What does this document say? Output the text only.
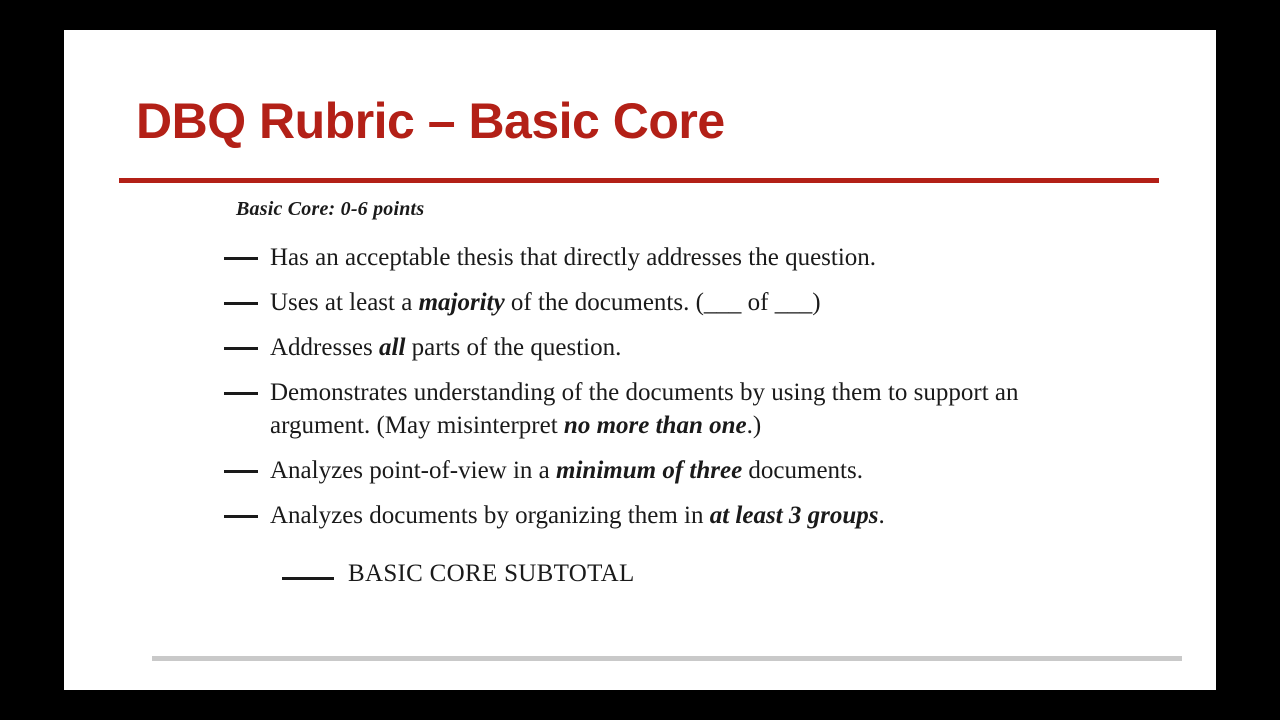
DBQ Rubric – Basic Core
Basic Core: 0-6 points
Has an acceptable thesis that directly addresses the question.
Uses at least a majority of the documents. (___ of ___)
Addresses all parts of the question.
Demonstrates understanding of the documents by using them to support an argument. (May misinterpret no more than one.)
Analyzes point-of-view in a minimum of three documents.
Analyzes documents by organizing them in at least 3 groups.
BASIC CORE SUBTOTAL
